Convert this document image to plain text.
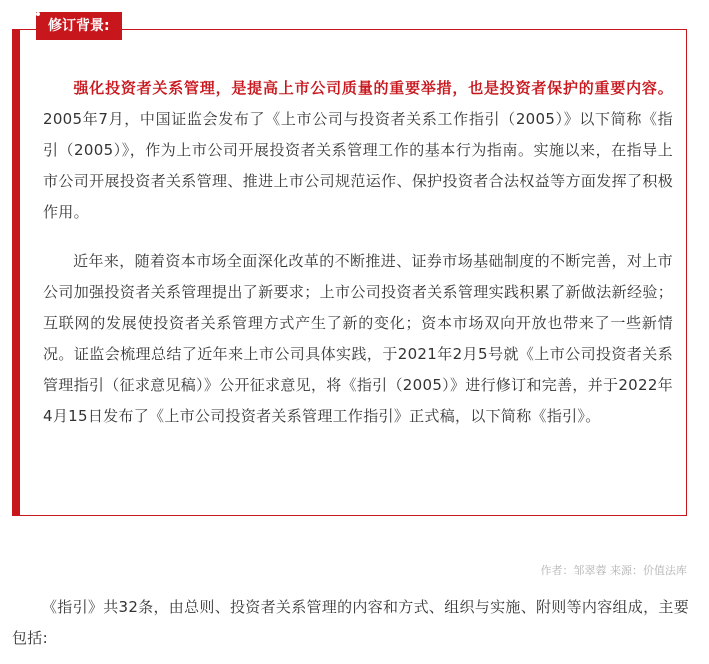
修订背景:

强化投资者关系管理，是提高上市公司质量的重要举措，也是投资者保护的重要内容。2005年7月，中国证监会发布了《上市公司与投资者关系工作指引（2005）》以下简称《指引（2005）》，作为上市公司开展投资者关系管理工作的基本行为指南。实施以来，在指导上市公司开展投资者关系管理、推进上市公司规范运作、保护投资者合法权益等方面发挥了积极作用。

近年来，随着资本市场全面深化改革的不断推进、证券市场基础制度的不断完善，对上市公司加强投资者关系管理提出了新要求；上市公司投资者关系管理实践积累了新做法新经验；互联网的发展使投资者关系管理方式产生了新的变化；资本市场双向开放也带来了一些新情况。证监会梳理总结了近年来上市公司具体实践，于2021年2月5号就《上市公司投资者关系管理指引（征求意见稿）》公开征求意见，将《指引（2005）》进行修订和完善，并于2022年4月15日发布了《上市公司投资者关系管理工作指引》正式稿，以下简称《指引》。

作者：邹翠蓉 来源：价值法库

《指引》共32条，由总则、投资者关系管理的内容和方式、组织与实施、附则等内容组成，主要包括:
